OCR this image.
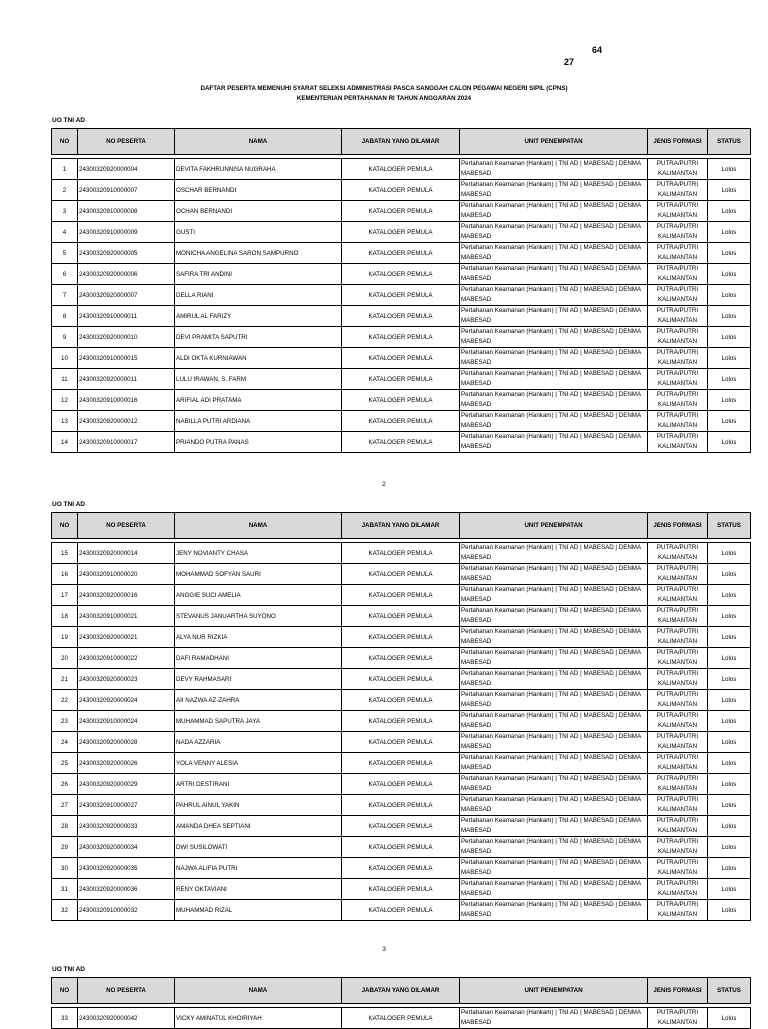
64
27
DAFTAR PESERTA MEMENUHI SYARAT SELEKSI ADMINISTRASI PASCA SANGGAH CALON PEGAWAI NEGERI SIPIL (CPNS)
KEMENTERIAN PERTAHANAN RI TAHUN ANGGARAN 2024
UO TNI AD
NO	NO PESERTA	NAMA	JABATAN YANG DILAMAR	UNIT PENEMPATAN	JENIS FORMASI	STATUS

1	24300320920000004	DEVITA FAKHRUNNISA NUGRAHA	KATALOGER PEMULA	Pertahanan Keamanan (Hankam) | TNI AD | MABESAD | DENMA MABESAD	PUTRA/PUTRI KALIMANTAN	Lolos
2	24300320910000007	OSCHAR BERNANDI	KATALOGER PEMULA	Pertahanan Keamanan (Hankam) | TNI AD | MABESAD | DENMA MABESAD	PUTRA/PUTRI KALIMANTAN	Lolos
3	24300320910000008	OCHAN BERNANDI	KATALOGER PEMULA	Pertahanan Keamanan (Hankam) | TNI AD | MABESAD | DENMA MABESAD	PUTRA/PUTRI KALIMANTAN	Lolos
4	24300320910000009	GUSTI	KATALOGER PEMULA	Pertahanan Keamanan (Hankam) | TNI AD | MABESAD | DENMA MABESAD	PUTRA/PUTRI KALIMANTAN	Lolos
5	24300320920000005	MONICHA ANGELINA SARON SAMPURNO	KATALOGER PEMULA	Pertahanan Keamanan (Hankam) | TNI AD | MABESAD | DENMA MABESAD	PUTRA/PUTRI KALIMANTAN	Lolos
6	24300320920000006	SAFIRA TRI ANDINI	KATALOGER PEMULA	Pertahanan Keamanan (Hankam) | TNI AD | MABESAD | DENMA MABESAD	PUTRA/PUTRI KALIMANTAN	Lolos
7	24300320920000007	DELLA RIANI	KATALOGER PEMULA	Pertahanan Keamanan (Hankam) | TNI AD | MABESAD | DENMA MABESAD	PUTRA/PUTRI KALIMANTAN	Lolos
8	24300320910000011	AMIRUL AL FARIZY	KATALOGER PEMULA	Pertahanan Keamanan (Hankam) | TNI AD | MABESAD | DENMA MABESAD	PUTRA/PUTRI KALIMANTAN	Lolos
9	24300320920000010	DEVI PRAMITA SAPUTRI	KATALOGER PEMULA	Pertahanan Keamanan (Hankam) | TNI AD | MABESAD | DENMA MABESAD	PUTRA/PUTRI KALIMANTAN	Lolos
10	24300320910000015	ALDI OKTA KURNIAWAN	KATALOGER PEMULA	Pertahanan Keamanan (Hankam) | TNI AD | MABESAD | DENMA MABESAD	PUTRA/PUTRI KALIMANTAN	Lolos
11	24300320920000011	LULU IRAWAN, S. FARM	KATALOGER PEMULA	Pertahanan Keamanan (Hankam) | TNI AD | MABESAD | DENMA MABESAD	PUTRA/PUTRI KALIMANTAN	Lolos
12	24300320910000016	ARIFIAL ADI PRATAMA	KATALOGER PEMULA	Pertahanan Keamanan (Hankam) | TNI AD | MABESAD | DENMA MABESAD	PUTRA/PUTRI KALIMANTAN	Lolos
13	24300320920000012	NABILLA PUTRI ARDIANA	KATALOGER PEMULA	Pertahanan Keamanan (Hankam) | TNI AD | MABESAD | DENMA MABESAD	PUTRA/PUTRI KALIMANTAN	Lolos
14	24300320910000017	PRIANDO PUTRA PANAS	KATALOGER PEMULA	Pertahanan Keamanan (Hankam) | TNI AD | MABESAD | DENMA MABESAD	PUTRA/PUTRI KALIMANTAN	Lolos
2
UO TNI AD
NO	NO PESERTA	NAMA	JABATAN YANG DILAMAR	UNIT PENEMPATAN	JENIS FORMASI	STATUS

15	24300320920000014	JENY NOVIANTY CHASA	KATALOGER PEMULA	Pertahanan Keamanan (Hankam) | TNI AD | MABESAD | DENMA MABESAD	PUTRA/PUTRI KALIMANTAN	Lolos
16	24300320910000020	MOHAMMAD SOFYAN SAURI	KATALOGER PEMULA	Pertahanan Keamanan (Hankam) | TNI AD | MABESAD | DENMA MABESAD	PUTRA/PUTRI KALIMANTAN	Lolos
17	24300320920000016	ANGGIE SUCI AMELIA	KATALOGER PEMULA	Pertahanan Keamanan (Hankam) | TNI AD | MABESAD | DENMA MABESAD	PUTRA/PUTRI KALIMANTAN	Lolos
18	24300320910000021	STEVANUS JANUARTHA SUYONO	KATALOGER PEMULA	Pertahanan Keamanan (Hankam) | TNI AD | MABESAD | DENMA MABESAD	PUTRA/PUTRI KALIMANTAN	Lolos
19	24300320920000021	ALYA NUR RIZKIA	KATALOGER PEMULA	Pertahanan Keamanan (Hankam) | TNI AD | MABESAD | DENMA MABESAD	PUTRA/PUTRI KALIMANTAN	Lolos
20	24300320910000022	DAFI RAMADHANI	KATALOGER PEMULA	Pertahanan Keamanan (Hankam) | TNI AD | MABESAD | DENMA MABESAD	PUTRA/PUTRI KALIMANTAN	Lolos
21	24300320920000023	DEVY RAHMASARI	KATALOGER PEMULA	Pertahanan Keamanan (Hankam) | TNI AD | MABESAD | DENMA MABESAD	PUTRA/PUTRI KALIMANTAN	Lolos
22	24300320920000024	AII NAZWA AZ-ZAHRA	KATALOGER PEMULA	Pertahanan Keamanan (Hankam) | TNI AD | MABESAD | DENMA MABESAD	PUTRA/PUTRI KALIMANTAN	Lolos
23	24300320910000024	MUHAMMAD SAPUTRA JAYA	KATALOGER PEMULA	Pertahanan Keamanan (Hankam) | TNI AD | MABESAD | DENMA MABESAD	PUTRA/PUTRI KALIMANTAN	Lolos
24	24300320920000028	NADA AZZARIA	KATALOGER PEMULA	Pertahanan Keamanan (Hankam) | TNI AD | MABESAD | DENMA MABESAD	PUTRA/PUTRI KALIMANTAN	Lolos
25	24300320920000026	YOLA VENNY ALESIA	KATALOGER PEMULA	Pertahanan Keamanan (Hankam) | TNI AD | MABESAD | DENMA MABESAD	PUTRA/PUTRI KALIMANTAN	Lolos
26	24300320920000029	ARTRI DESTIRANI	KATALOGER PEMULA	Pertahanan Keamanan (Hankam) | TNI AD | MABESAD | DENMA MABESAD	PUTRA/PUTRI KALIMANTAN	Lolos
27	24300320910000027	PAHRUL AINUL YAKIN	KATALOGER PEMULA	Pertahanan Keamanan (Hankam) | TNI AD | MABESAD | DENMA MABESAD	PUTRA/PUTRI KALIMANTAN	Lolos
28	24300320920000033	AMANDA DHEA SEPTIANI	KATALOGER PEMULA	Pertahanan Keamanan (Hankam) | TNI AD | MABESAD | DENMA MABESAD	PUTRA/PUTRI KALIMANTAN	Lolos
29	24300320920000034	DWI SUSILOWATI	KATALOGER PEMULA	Pertahanan Keamanan (Hankam) | TNI AD | MABESAD | DENMA MABESAD	PUTRA/PUTRI KALIMANTAN	Lolos
30	24300320920000035	NAJWA ALIFIA PUTRI	KATALOGER PEMULA	Pertahanan Keamanan (Hankam) | TNI AD | MABESAD | DENMA MABESAD	PUTRA/PUTRI KALIMANTAN	Lolos
31	24300320920000036	RENY OKTAVIANI	KATALOGER PEMULA	Pertahanan Keamanan (Hankam) | TNI AD | MABESAD | DENMA MABESAD	PUTRA/PUTRI KALIMANTAN	Lolos
32	24300320910000032	MUHAMMAD RIZAL	KATALOGER PEMULA	Pertahanan Keamanan (Hankam) | TNI AD | MABESAD | DENMA MABESAD	PUTRA/PUTRI KALIMANTAN	Lolos
3
UO TNI AD
NO	NO PESERTA	NAMA	JABATAN YANG DILAMAR	UNIT PENEMPATAN	JENIS FORMASI	STATUS

33	24300320920000042	VICKY AMINATUL KHOIRIYAH	KATALOGER PEMULA	Pertahanan Keamanan (Hankam) | TNI AD | MABESAD | DENMA MABESAD	PUTRA/PUTRI KALIMANTAN	Lolos
